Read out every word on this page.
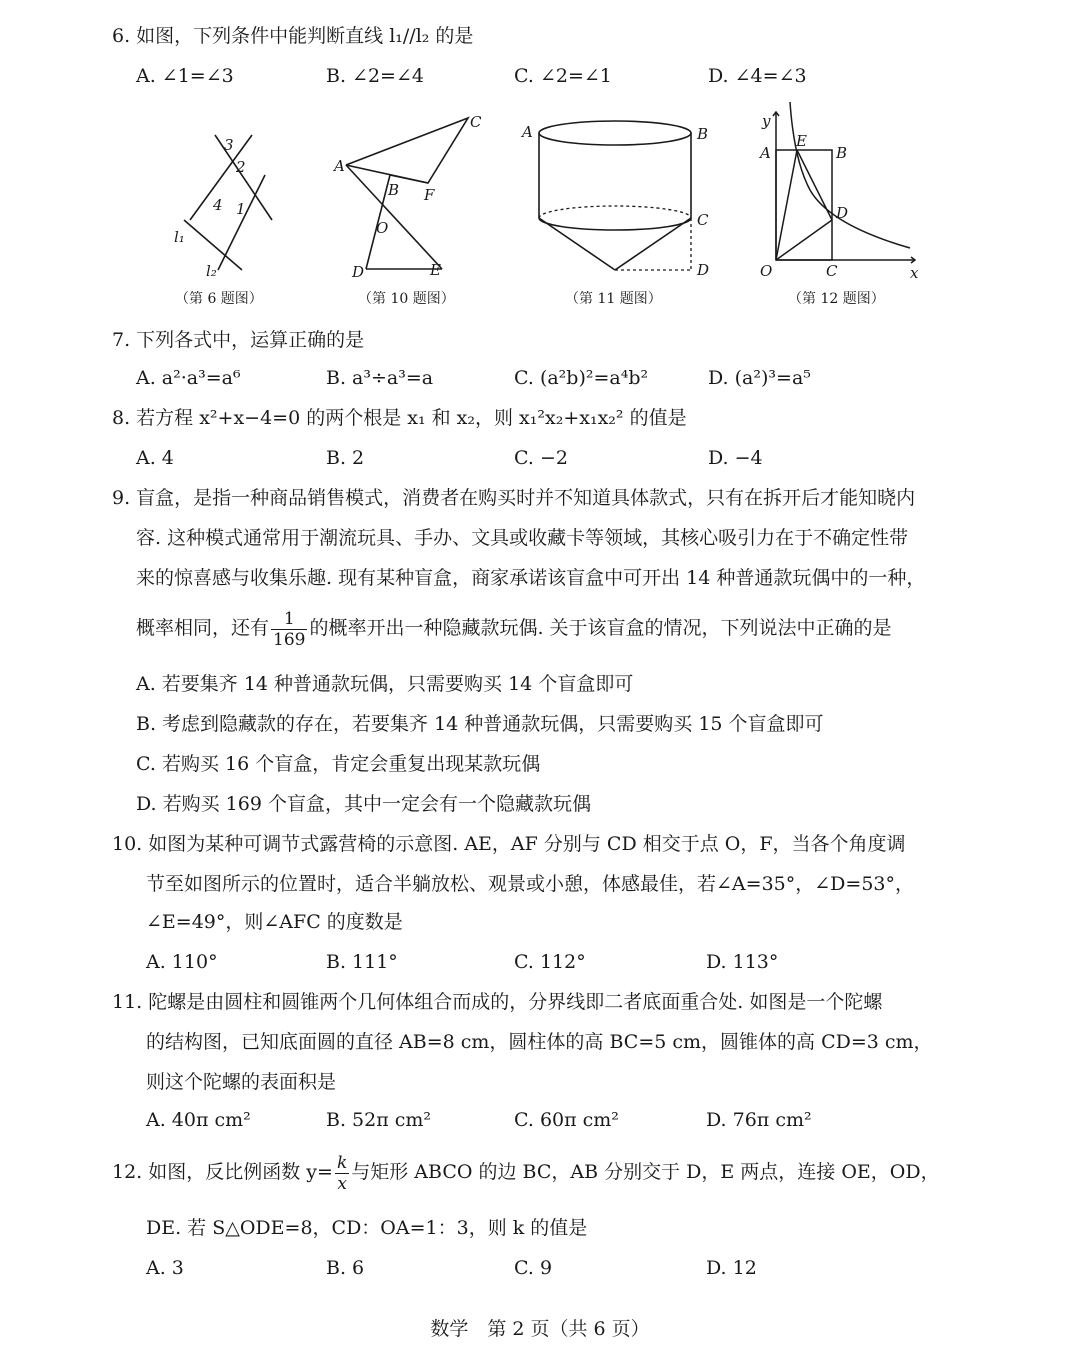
6. 如图，下列条件中能判断直线 l₁//l₂ 的是
A. ∠1=∠3	B. ∠2=∠4	C. ∠2=∠1	D. ∠4=∠3
3
2
4 1
l₁
l₂
（第 6 题图）
A
B
C
F
O
D	E
（第 10 题图）
A	B
C
D
（第 11 题图）
y
A
E
B
D
O	C	x
（第 12 题图）
7. 下列各式中，运算正确的是
A. a²·a³=a⁶	B. a³÷a³=a	C. (a²b)²=a⁴b²	D. (a²)³=a⁵
8. 若方程 x²+x−4=0 的两个根是 x₁ 和 x₂，则 x₁²x₂+x₁x₂² 的值是
A. 4	B. 2	C. −2	D. −4
9. 盲盒，是指一种商品销售模式，消费者在购买时并不知道具体款式，只有在拆开后才能知晓内
容. 这种模式通常用于潮流玩具、手办、文具或收藏卡等领域，其核心吸引力在于不确定性带
来的惊喜感与收集乐趣. 现有某种盲盒，商家承诺该盲盒中可开出 14 种普通款玩偶中的一种，
概率相同，还有 $\frac{1}{169}$ 的概率开出一种隐藏款玩偶. 关于该盲盒的情况，下列说法中正确的是
A. 若要集齐 14 种普通款玩偶，只需要购买 14 个盲盒即可
B. 考虑到隐藏款的存在，若要集齐 14 种普通款玩偶，只需要购买 15 个盲盒即可
C. 若购买 16 个盲盒，肯定会重复出现某款玩偶
D. 若购买 169 个盲盒，其中一定会有一个隐藏款玩偶
10. 如图为某种可调节式露营椅的示意图. AE，AF 分别与 CD 相交于点 O，F，当各个角度调
节至如图所示的位置时，适合半躺放松、观景或小憩，体感最佳，若∠A=35°，∠D=53°，
∠E=49°，则∠AFC 的度数是
A. 110°	B. 111°	C. 112°	D. 113°
11. 陀螺是由圆柱和圆锥两个几何体组合而成的，分界线即二者底面重合处. 如图是一个陀螺
的结构图，已知底面圆的直径 AB=8 cm，圆柱体的高 BC=5 cm，圆锥体的高 CD=3 cm，
则这个陀螺的表面积是
A. 40π cm²	B. 52π cm²	C. 60π cm²	D. 76π cm²
12. 如图，反比例函数 $y= \frac{k}{x}$ 与矩形 ABCO 的边 BC，AB 分别交于 D，E 两点，连接 OE，OD，
DE. 若 S△ODE=8，CD：OA=1：3，则 k 的值是
A. 3	B. 6	C. 9	D. 12
数学　第 2 页（共 6 页）
